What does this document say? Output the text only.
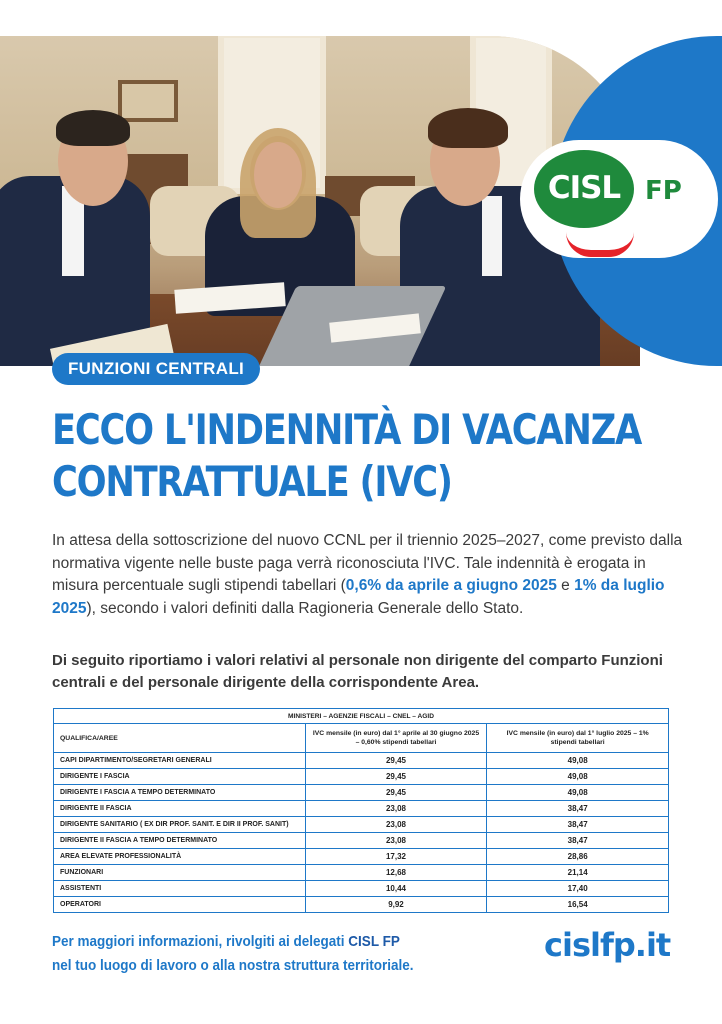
CISL FP
FUNZIONI CENTRALI
ECCO L'INDENNITÀ DI VACANZA
CONTRATTUALE (IVC)

In attesa della sottoscrizione del nuovo CCNL per il triennio 2025–2027, come previsto dalla normativa vigente nelle buste paga verrà riconosciuta l'IVC. Tale indennità è erogata in misura percentuale sugli stipendi tabellari (0,6% da aprile a giugno 2025 e 1% da luglio 2025), secondo i valori definiti dalla Ragioneria Generale dello Stato.

Di seguito riportiamo i valori relativi al personale non dirigente del comparto Funzioni centrali e del personale dirigente della corrispondente Area.

MINISTERI – AGENZIE FISCALI – CNEL – AGID		
QUALIFICA/AREE	IVC mensile (in euro) dal 1° aprile al 30 giugno 2025 – 0,60% stipendi tabellari	IVC mensile (in euro) dal 1° luglio 2025 – 1% stipendi tabellari
CAPI DIPARTIMENTO/SEGRETARI GENERALI	29,45	49,08
DIRIGENTE I FASCIA	29,45	49,08
DIRIGENTE I FASCIA A TEMPO DETERMINATO	29,45	49,08
DIRIGENTE II FASCIA	23,08	38,47
DIRIGENTE SANITARIO ( EX DIR PROF. SANIT. E DIR II PROF. SANIT)	23,08	38,47
DIRIGENTE II FASCIA A TEMPO DETERMINATO	23,08	38,47
AREA ELEVATE PROFESSIONALITÀ	17,32	28,86
FUNZIONARI	12,68	21,14
ASSISTENTI	10,44	17,40
OPERATORI	9,92	16,54

Per maggiori informazioni, rivolgiti ai delegati CISL FP
nel tuo luogo di lavoro o alla nostra struttura territoriale.

cislfp.it
